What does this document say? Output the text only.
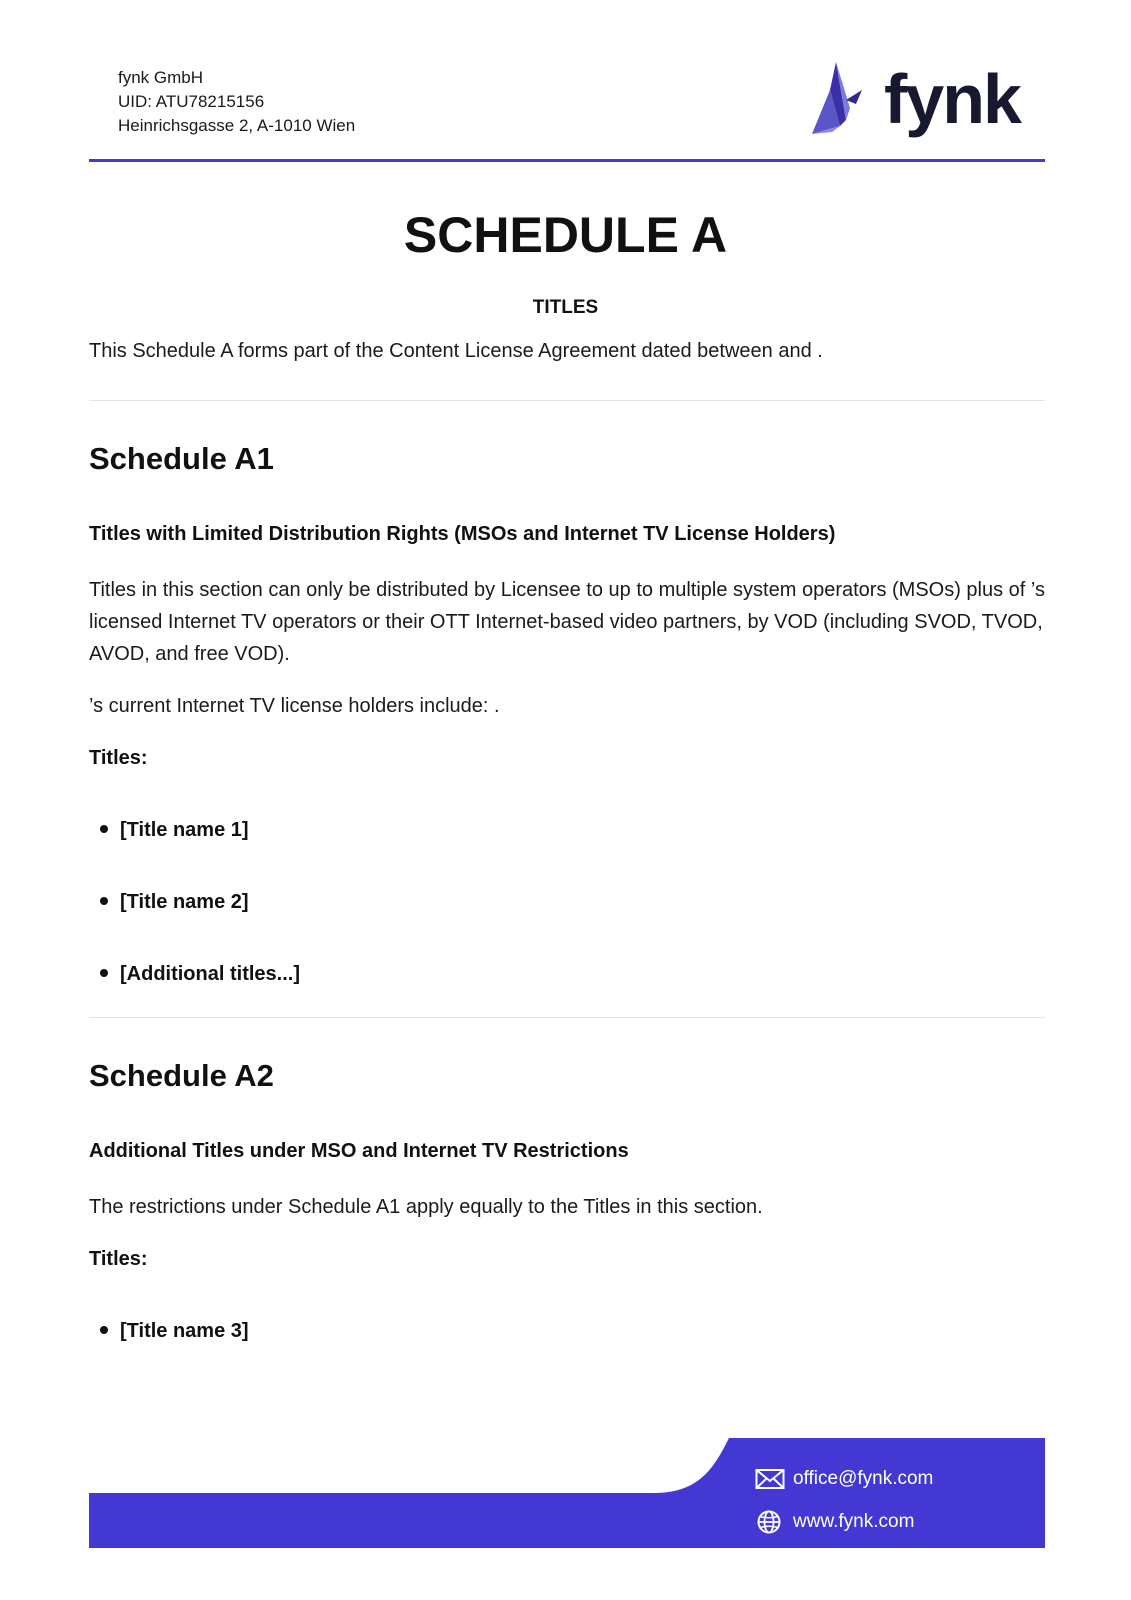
fynk GmbH
UID: ATU78215156
Heinrichsgasse 2, A-1010 Wien	fynk
SCHEDULE A
TITLES
This Schedule A forms part of the Content License Agreement dated between and .
Schedule A1
Titles with Limited Distribution Rights (MSOs and Internet TV License Holders)
Titles in this section can only be distributed by Licensee to up to multiple system operators (MSOs) plus of ’s licensed Internet TV operators or their OTT Internet-based video partners, by VOD (including SVOD, TVOD, AVOD, and free VOD).
’s current Internet TV license holders include: .
Titles:
[Title name 1]
[Title name 2]
[Additional titles...]
Schedule A2
Additional Titles under MSO and Internet TV Restrictions
The restrictions under Schedule A1 apply equally to the Titles in this section.
Titles:
[Title name 3]
office@fynk.com
www.fynk.com
